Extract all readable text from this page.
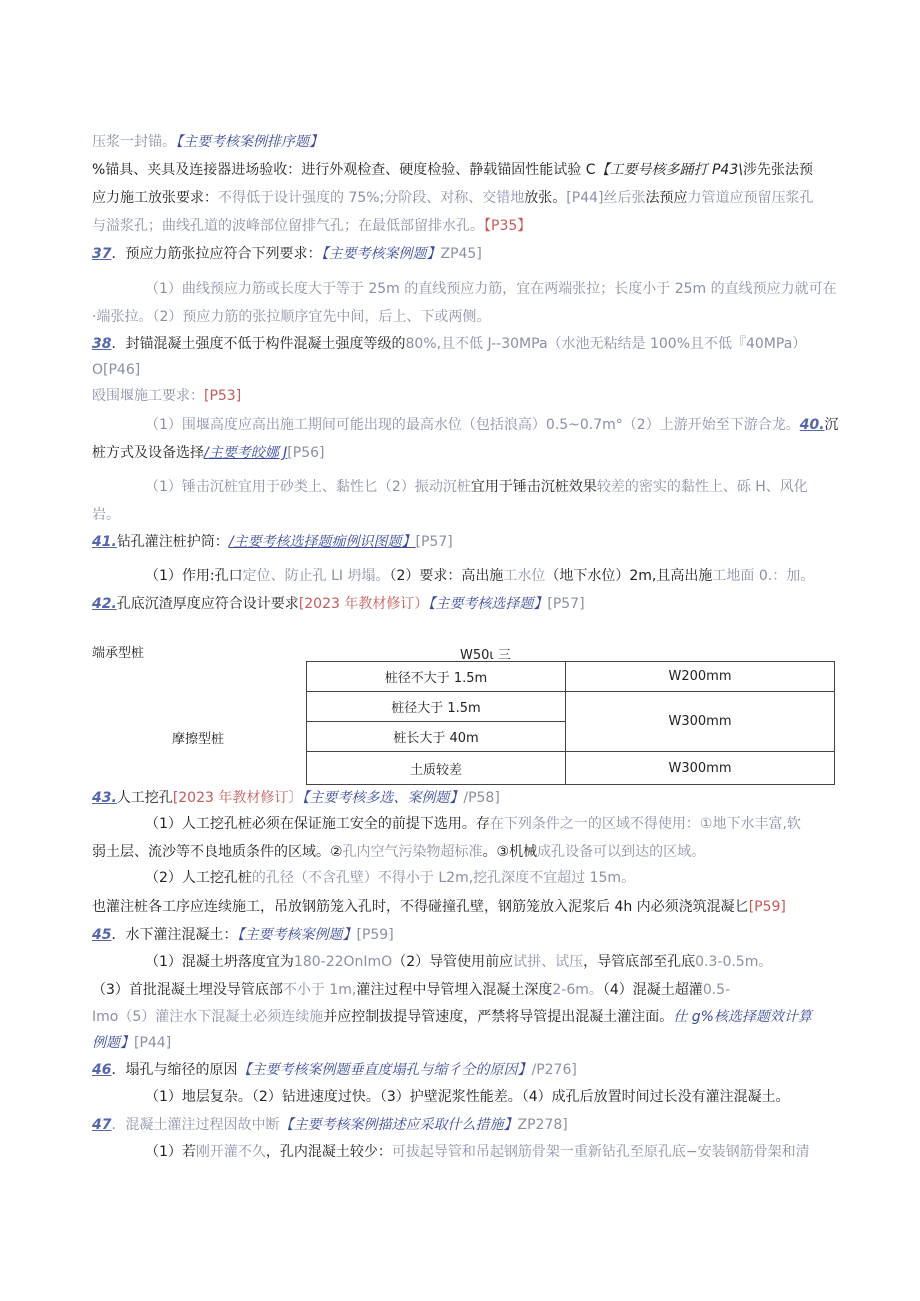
压浆一封锚。【主要考核案例排序题】
%锚具、夹具及连接器进场验收：进行外观检查、硬度检验、静载锚固性能试验 C【工要号核多踊打 P43\涉先张法预
应力施工放张要求：不得低于设计强度的 75%;分阶段、对称、交错地放张。[P44]丝后张法预应力管道应预留压浆孔
与溢浆孔；曲线孔道的波峰部位留排气孔；在最低部留排水孔。【P35】
37．预应力筋张拉应符合下列要求：【主要考核案例题】ZP45]
（1）曲线预应力筋或长度大于等于 25m 的直线预应力筋，宜在两端张拉；长度小于 25m 的直线预应力就可在
·端张拉。（2）预应力筋的张拉顺序宜先中间，后上、下或两侧。
38．封锚混凝土强度不低于构件混凝土强度等级的80%,且不低 J--30MPa（水池无粘结是 100%且不低『40MPa）
O[P46]
殴围堰施工要求：[P53]
（1）围堰高度应高出施工期间可能出现的最高水位（包括浪高）0.5~0.7m°（2）上游开始至下游合龙。40.沉
桩方式及设备选择/主要考皎娜 J[P56]
（1）锤击沉桩宜用于砂类上、黏性匕（2）振动沉桩宜用于锤击沉桩效果较差的密实的黏性上、砾 H、风化
岩。
41.钻孔灌注桩护筒：/主要考核选择题痂例识图题】[P57]
（1）作用:孔口定位、防止孔 LI 坍塌。（2）要求：高出施工水位（地下水位）2m,且高出施工地面 0.：加。
42.孔底沉渣厚度应符合设计要求[2023 年教材修订）【主要考核选择题】[P57]
端承型桩	W50ι 三
摩擦型桩
桩径不大于 1.5m	W200mm
桩径大于 1.5m	W300mm
桩长大于 40m	
土质较差	W300mm
43.人工挖孔[2023 年教材修订〕【主要考核多选、案例题】/P58]
（1）人工挖孔桩必须在保证施工安全的前提下选用。存在下列条件之一的区域不得使用：①地下水丰富,软
弱土层、流沙等不良地质条件的区域。②孔内空气污染物超标准。③机械成孔设备可以到达的区域。
（2）人工挖孔桩的孔径（不含孔壁）不得小于 L2m,挖孔深度不宜超过 15m。
也灌注桩各工序应连续施工，吊放钢筋笼入孔时，不得碰撞孔壁，钢筋笼放入泥浆后 4h 内必须浇筑混凝匕[P59]
45．水下灌注混凝土：【主要考核案例题】[P59]
（1）混凝土坍落度宜为180-22OnImO（2）导管使用前应试拼、试压，导管底部至孔底0.3-0.5m。
（3）首批混凝土埋没导管底部不小于 1m,灌注过程中导管埋入混凝土深度2-6m。（4）混凝土超灌0.5-
Imo（5）灌注水下混凝土必须连续施并应控制拔提导管速度，严禁将导管提出混凝土灌注面。仕 g%核选择题效计算
例题】[P44]
46．塌孔与缩径的原因【主要考核案例题垂直度塌孔与缩彳仝的原因】/P276]
（1）地层复杂。（2）钻进速度过快。（3）护壁泥浆性能差。（4）成孔后放置时间过长没有灌注混凝土。
47．混凝土灌注过程因故中断【主要考核案例描述应采取什么措施】ZP278]
（1）若刚开灌不久，孔内混凝土较少：可拔起导管和吊起钢筋骨架一重新钻孔至原孔底−安装钢筋骨架和清
